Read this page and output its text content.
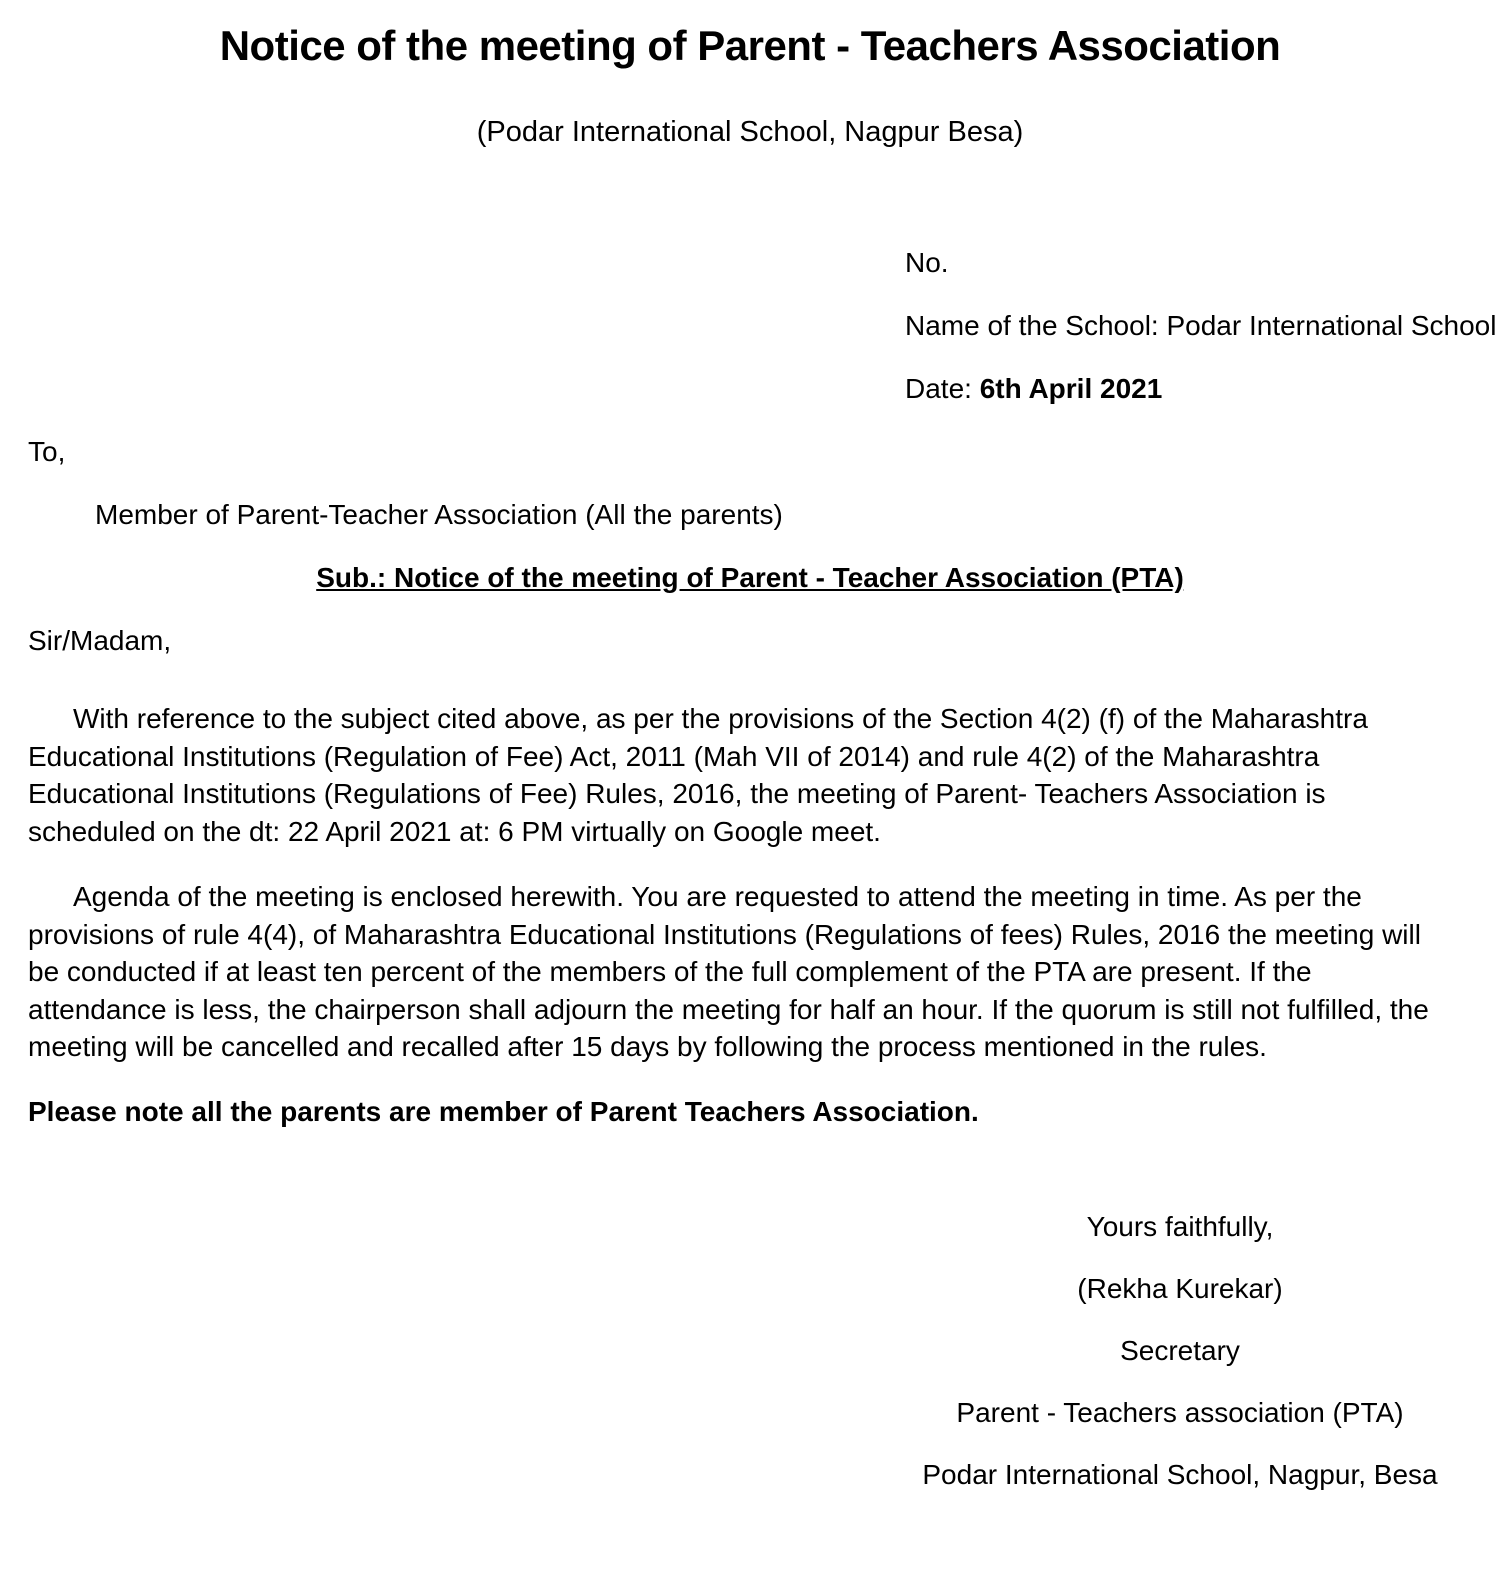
Notice of the meeting of Parent - Teachers Association
(Podar International School, Nagpur Besa)
No.
Name of the School: Podar International School
Date: 6th April 2021
To,
Member of Parent-Teacher Association (All the parents)
Sub.: Notice of the meeting of Parent - Teacher Association (PTA)
Sir/Madam,

With reference to the subject cited above, as per the provisions of the Section 4(2) (f) of the Maharashtra Educational Institutions (Regulation of Fee) Act, 2011 (Mah VII of 2014) and rule 4(2) of the Maharashtra Educational Institutions (Regulations of Fee) Rules, 2016, the meeting of Parent- Teachers Association is scheduled on the dt: 22 April 2021 at: 6 PM virtually on Google meet.

Agenda of the meeting is enclosed herewith. You are requested to attend the meeting in time. As per the provisions of rule 4(4), of Maharashtra Educational Institutions (Regulations of fees) Rules, 2016 the meeting will be conducted if at least ten percent of the members of the full complement of the PTA are present. If the attendance is less, the chairperson shall adjourn the meeting for half an hour. If the quorum is still not fulfilled, the meeting will be cancelled and recalled after 15 days by following the process mentioned in the rules.

Please note all the parents are member of Parent Teachers Association.

Yours faithfully,
(Rekha Kurekar)
Secretary
Parent - Teachers association (PTA)
Podar International School, Nagpur, Besa
